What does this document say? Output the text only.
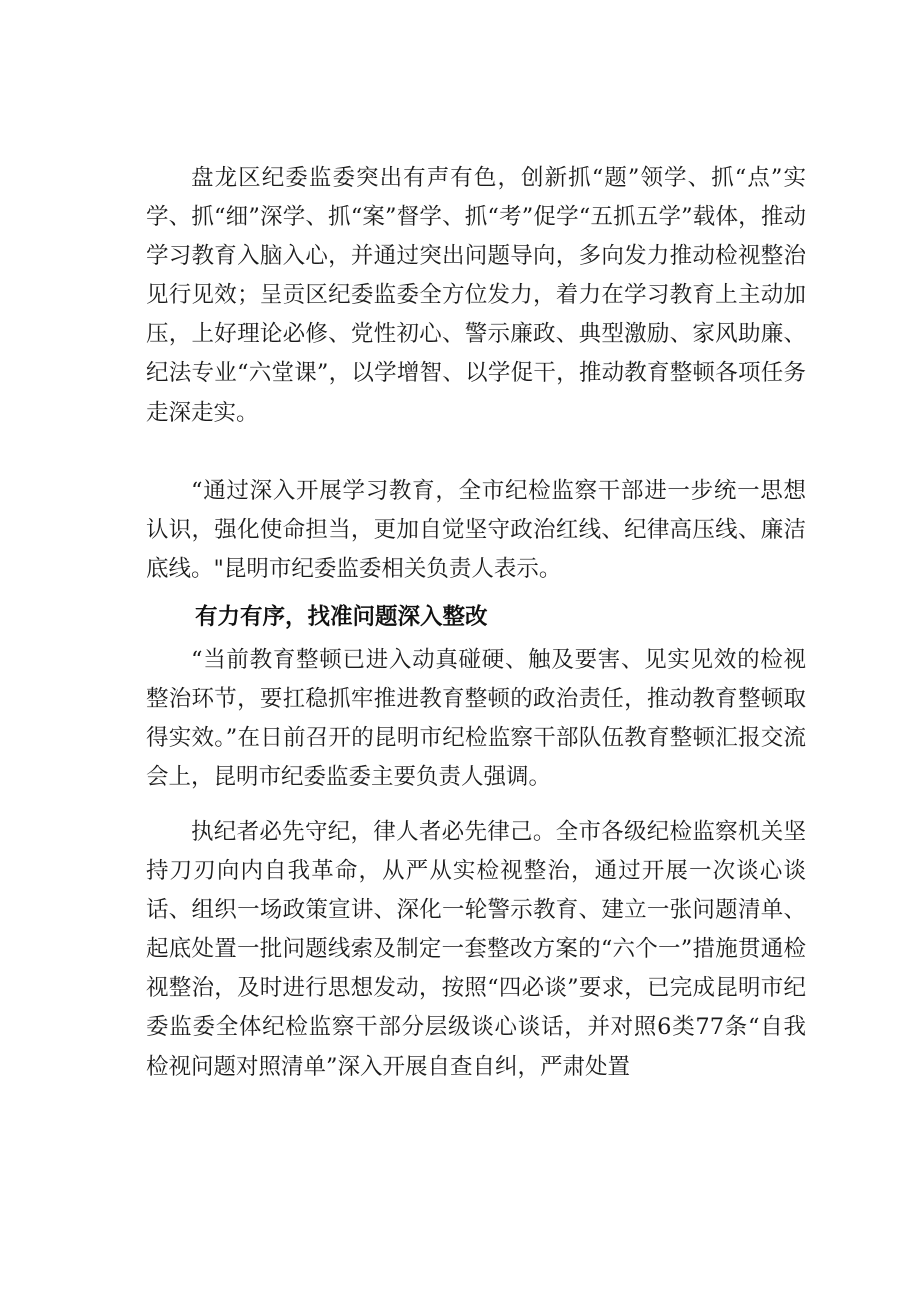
盘龙区纪委监委突出有声有色，创新抓“题”领学、抓“点”实学、抓“细”深学、抓“案”督学、抓“考”促学“五抓五学”载体，推动学习教育入脑入心，并通过突出问题导向，多向发力推动检视整治见行见效；呈贡区纪委监委全方位发力，着力在学习教育上主动加压，上好理论必修、党性初心、警示廉政、典型激励、家风助廉、纪法专业“六堂课”，以学增智、以学促干，推动教育整顿各项任务走深走实。

“通过深入开展学习教育，全市纪检监察干部进一步统一思想认识，强化使命担当，更加自觉坚守政治红线、纪律高压线、廉洁底线。"昆明市纪委监委相关负责人表示。

有力有序，找准问题深入整改

“当前教育整顿已进入动真碰硬、触及要害、见实见效的检视整治环节，要扛稳抓牢推进教育整顿的政治责任，推动教育整顿取得实效。”在日前召开的昆明市纪检监察干部队伍教育整顿汇报交流会上，昆明市纪委监委主要负责人强调。

执纪者必先守纪，律人者必先律己。全市各级纪检监察机关坚持刀刃向内自我革命，从严从实检视整治，通过开展一次谈心谈话、组织一场政策宣讲、深化一轮警示教育、建立一张问题清单、起底处置一批问题线索及制定一套整改方案的“六个一”措施贯通检视整治，及时进行思想发动，按照“四必谈”要求，已完成昆明市纪委监委全体纪检监察干部分层级谈心谈话，并对照6类77条“自我检视问题对照清单”深入开展自查自纠，严肃处置
